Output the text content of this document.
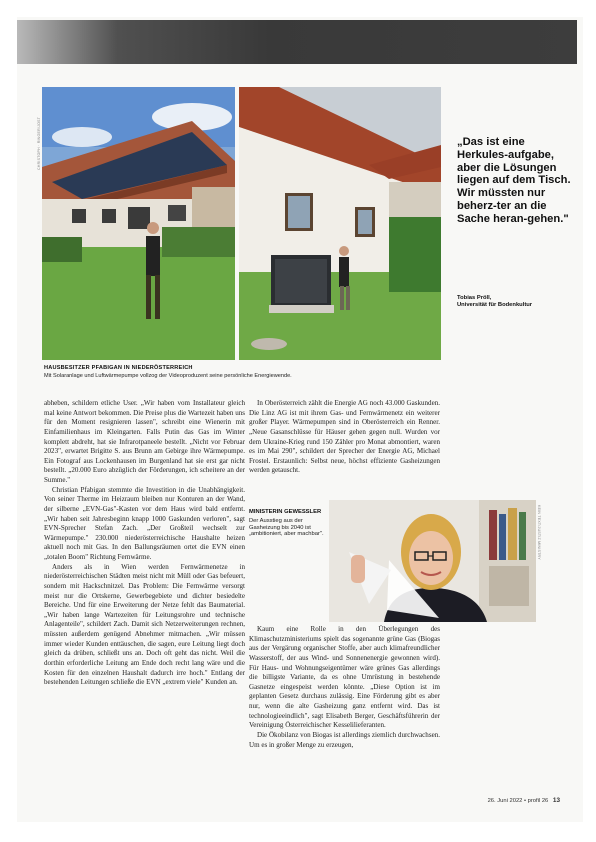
CHRISTOPH · RINGER/JOST
HAUSBESITZER PFABIGAN IN NIEDERÖSTERREICH
Mit Solaranlage und Luftwärmepumpe vollzog der Videoproduzent seine persönliche Energiewende.

„Das ist eine Herkules-aufgabe, aber die Lösungen liegen auf dem Tisch. Wir müssten nur beherz-ter an die Sache heran-gehen."

Tobias Pröll,
Universität für Bodenkultur

abheben, schildern etliche User. „Wir haben vom Installateur gleich mal keine Antwort bekommen. Die Preise plus die Wartezeit haben uns für den Moment resignieren lassen", schreibt eine Wienerin mit Einfamilienhaus im Kleingarten. Falls Putin das Gas im Winter komplett abdreht, hat sie Infrarotpaneele bestellt. „Nicht vor Februar 2023", erwartet Brigitte S. aus Brunn am Gebirge ihre Wärmepumpe. Ein Fotograf aus Lockenhausen im Burgenland hat sie erst gar nicht bestellt. „20.000 Euro abzüglich der Förderungen, ich scheitere an der Summe."

Christian Pfabigan stemmte die Investition in die Unabhängigkeit. Von seiner Therme im Heizraum bleiben nur Konturen an der Wand, der silberne „EVN-Gas"-Kasten vor dem Haus wird bald entfernt. „Wir haben seit Jahresbeginn knapp 1000 Gaskunden verloren", sagt EVN-Sprecher Stefan Zach. „Der Großteil wechselt zur Wärmepumpe." 230.000 niederösterreichische Haushalte heizen aktuell noch mit Gas. In den Ballungsräumen ortet die EVN einen „totalen Boom" Richtung Fernwärme.

Anders als in Wien werden Fernwärmenetze in niederösterreichischen Städten meist nicht mit Müll oder Gas befeuert, sondern mit Hackschnitzel. Das Problem: Die Fernwärme versorgt meist nur die Ortskerne, Gewerbegebiete und dichter besiedelte Bereiche. Und für eine Erweiterung der Netze fehlt das Baumaterial. „Wir haben lange Wartezeiten für Leitungsrohre und technische Anlagenteile", schildert Zach. Damit sich Netzerweiterungen rechnen, müssten außerdem genügend Abnehmer mitmachen. „Wir müssen immer wieder Kunden enttäuschen, die sagen, eure Leitung liegt doch gleich da drüben, schließt uns an. Doch oft geht das nicht. Weil die dorthin erforderliche Leitung am Ende doch recht lang wäre und die Kosten für den einzelnen Haushalt dadurch irre hoch." Entlang der bestehenden Leitungen schließe die EVN „extrem viele" Kunden an.

In Oberösterreich zählt die Energie AG noch 43.000 Gaskunden. Die Linz AG ist mit ihrem Gas- und Fernwärmenetz ein weiterer großer Player. Wärmepumpen sind in Oberösterreich ein Renner. „Neue Gasanschlüsse für Häuser gehen gegen null. Wurden vor dem Ukraine-Krieg rund 150 Zähler pro Monat abmontiert, waren es im Mai 290", schildert der Sprecher der Energie AG, Michael Frostel. Erstaunlich: Selbst neue, höchst effiziente Gasheizungen werden getauscht.

MINISTERIN GEWESSLER

Der Ausstieg aus der Gasheizung bis 2040 ist „ambitioniert, aber machbar".	KEIN TEXT/JUSTIZ MINISTRY

Kaum eine Rolle in den Überlegungen des Klimaschutzministeriums spielt das sogenannte grüne Gas (Biogas aus der Vergärung organischer Stoffe, aber auch klimafreundlicher Wasserstoff, der aus Wind- und Sonnenenergie gewonnen wird). Für Haus- und Wohnungseigentümer wäre grünes Gas allerdings die billigste Variante, da es ohne Umrüstung in bestehende Gasnetze eingespeist werden könnte. „Diese Option ist im geplanten Gesetz durchaus zulässig. Eine Förderung gibt es aber nur, wenn die alte Gasheizung ganz entfernt wird. Das ist technologieeindlich", sagt Elisabeth Berger, Geschäftsführerin der Vereinigung Österreichischer Kesselilieferanten.

Die Ökobilanz von Biogas ist allerdings ziemlich durchwachsen. Um es in großer Menge zu erzeugen,

26. Juni 2022 • profil 26 13
